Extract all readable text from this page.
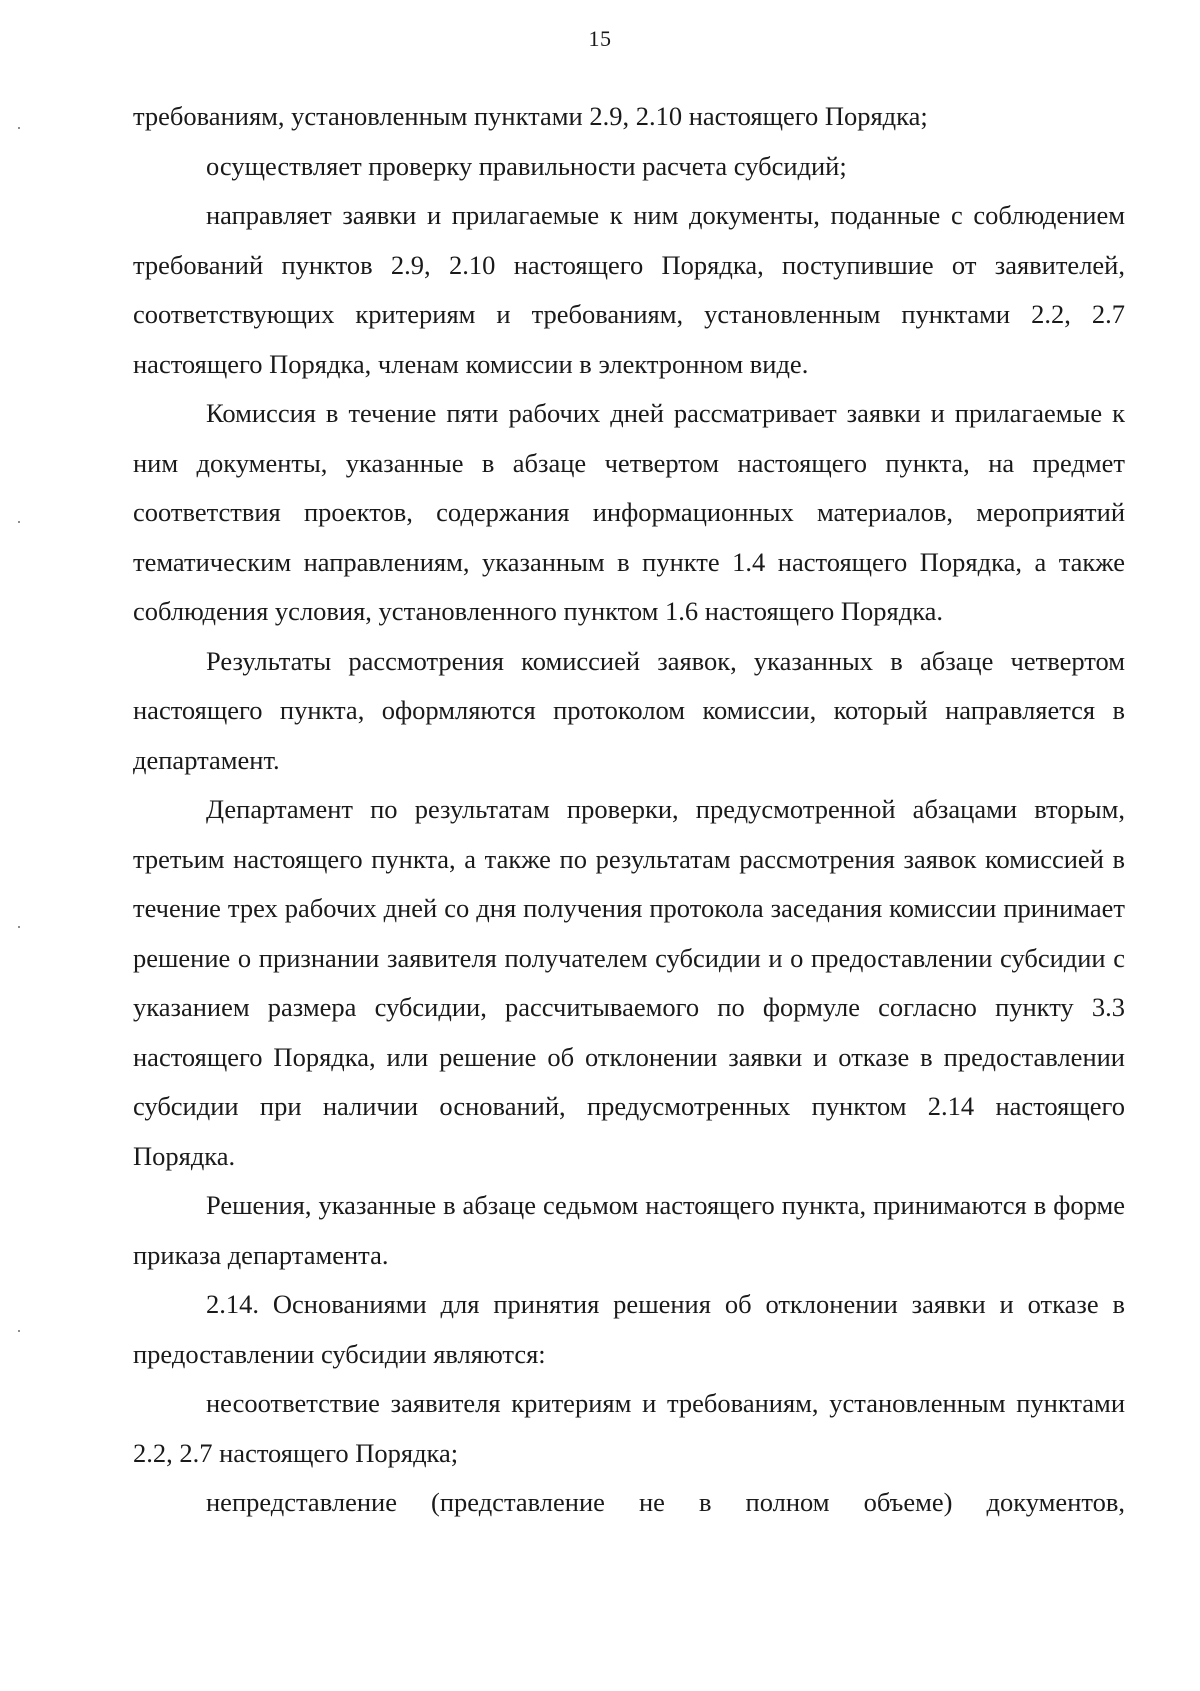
15

требованиям, установленным пунктами 2.9, 2.10 настоящего Порядка;

осуществляет проверку правильности расчета субсидий;

направляет заявки и прилагаемые к ним документы, поданные с соблюдением требований пунктов 2.9, 2.10 настоящего Порядка, поступившие от заявителей, соответствующих критериям и требованиям, установленным пунктами 2.2, 2.7 настоящего Порядка, членам комиссии в электронном виде.

Комиссия в течение пяти рабочих дней рассматривает заявки и прилагаемые к ним документы, указанные в абзаце четвертом настоящего пункта, на предмет соответствия проектов, содержания информационных материалов, мероприятий тематическим направлениям, указанным в пункте 1.4 настоящего Порядка, а также соблюдения условия, установленного пунктом 1.6 настоящего Порядка.

Результаты рассмотрения комиссией заявок, указанных в абзаце четвертом настоящего пункта, оформляются протоколом комиссии, который направляется в департамент.

Департамент по результатам проверки, предусмотренной абзацами вторым, третьим настоящего пункта, а также по результатам рассмотрения заявок комиссией в течение трех рабочих дней со дня получения протокола заседания комиссии принимает решение о признании заявителя получателем субсидии и о предоставлении субсидии с указанием размера субсидии, рассчитываемого по формуле согласно пункту 3.3 настоящего Порядка, или решение об отклонении заявки и отказе в предоставлении субсидии при наличии оснований, предусмотренных пунктом 2.14 настоящего Порядка.

Решения, указанные в абзаце седьмом настоящего пункта, принимаются в форме приказа департамента.

2.14. Основаниями для принятия решения об отклонении заявки и отказе в предоставлении субсидии являются:

несоответствие заявителя критериям и требованиям, установленным пунктами 2.2, 2.7 настоящего Порядка;

непредставление (представление не в полном объеме) документов,
